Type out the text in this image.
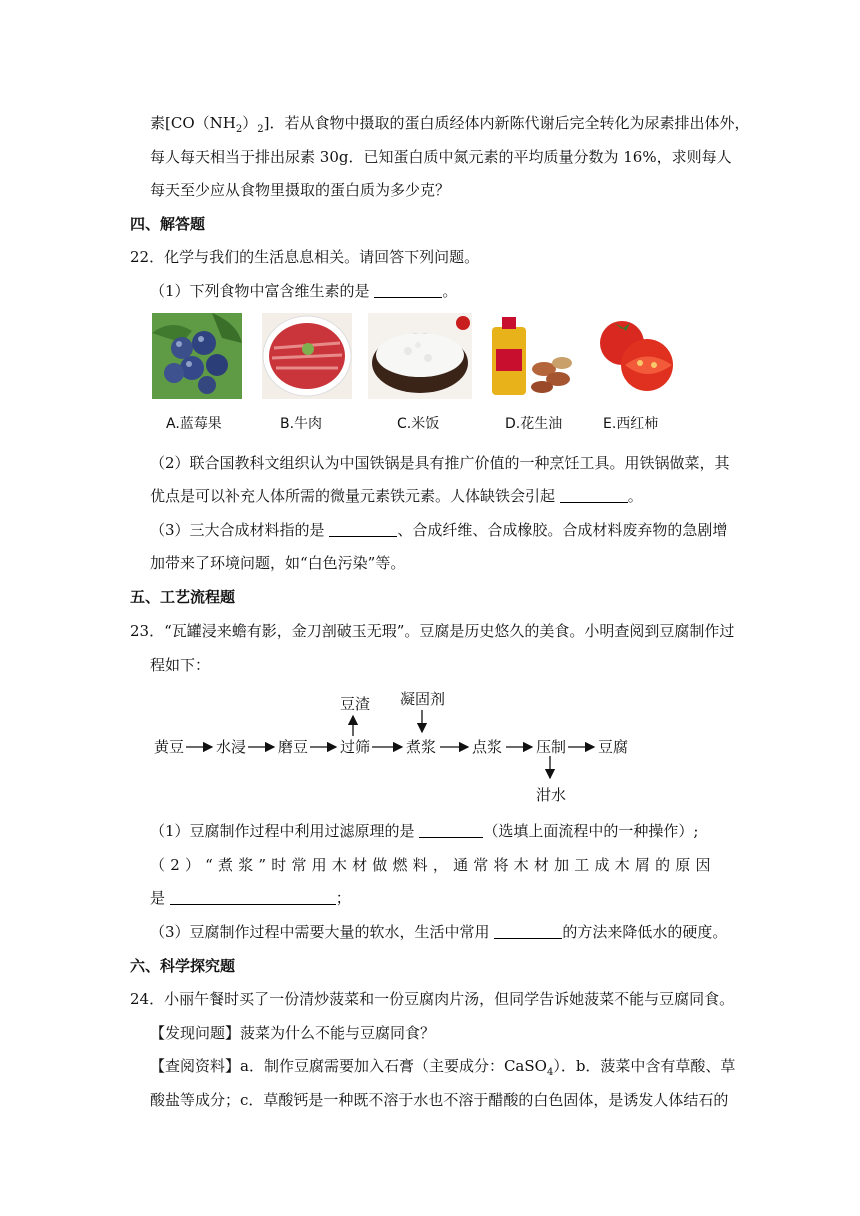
素$[CO(NH_2)_2]$．若从食物中摄取的蛋白质经体内新陈代谢后完全转化为尿素排出体外，
每人每天相当于排出尿素 30g．已知蛋白质中氮元素的平均质量分数为 16%，求则每人
每天至少应从食物里摄取的蛋白质为多少克？
四、解答题
22．化学与我们的生活息息相关。请回答下列问题。
（1）下列食物中富含维生素的是	。
A.蓝莓果	B.牛肉	C.米饭	D.花生油	E.西红柿
（2）联合国教科文组织认为中国铁锅是具有推广价值的一种烹饪工具。用铁锅做菜，其
优点是可以补充人体所需的微量元素铁元素。人体缺铁会引起	。
（3）三大合成材料指的是	、合成纤维、合成橡胶。合成材料废弃物的急剧增
加带来了环境问题，如“白色污染”等。
五、工艺流程题
23．“瓦罐浸来蟾有影，金刀剖破玉无瑕”。豆腐是历史悠久的美食。小明查阅到豆腐制作过
程如下：
黄豆 水浸 磨豆 过筛
豆渣
煮浆
凝固剂
点浆 压制
泔水
豆腐
（1）豆腐制作过程中利用过滤原理的是	（选填上面流程中的一种操作）;
（2）“煮浆”时常用木材做燃料，通常将木材加工成木屑的原因
是	；
（3）豆腐制作过程中需要大量的软水，生活中常用	的方法来降低水的硬度。
六、科学探究题
24．小丽午餐时买了一份清炒菠菜和一份豆腐肉片汤，但同学告诉她菠菜不能与豆腐同食。
【发现问题】菠菜为什么不能与豆腐同食？
【查阅资料】a．制作豆腐需要加入石膏（主要成分：CaSO$_4$）．b．菠菜中含有草酸、草
酸盐等成分；c．草酸钙是一种既不溶于水也不溶于醋酸的白色固体，是诱发人体结石的
